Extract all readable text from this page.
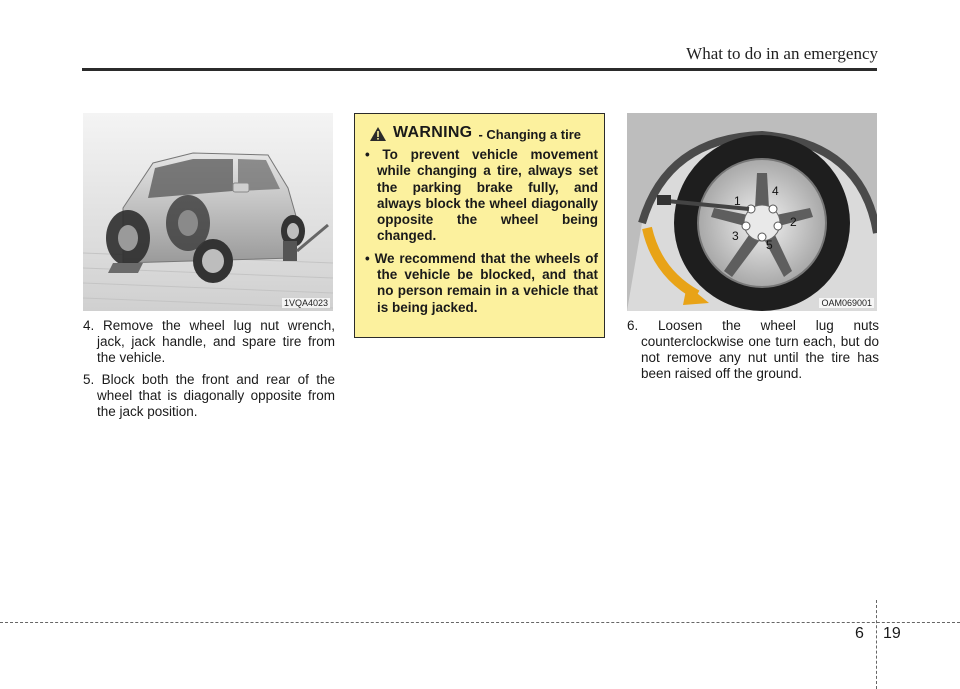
What to do in an emergency
1VQA4023
4. Remove the wheel lug nut wrench, jack, jack handle, and spare tire from the vehicle.
5. Block both the front and rear of the wheel that is diagonally opposite from the jack position.
WARNING - Changing a tire
• To prevent vehicle movement while changing a tire, always set the parking brake fully, and always block the wheel diagonally opposite the wheel being changed.
• We recommend that the wheels of the vehicle be blocked, and that no person remain in a vehicle that is being jacked.
1
2
3
4
5
OAM069001
6. Loosen the wheel lug nuts counterclockwise one turn each, but do not remove any nut until the tire has been raised off the ground.
6 19
